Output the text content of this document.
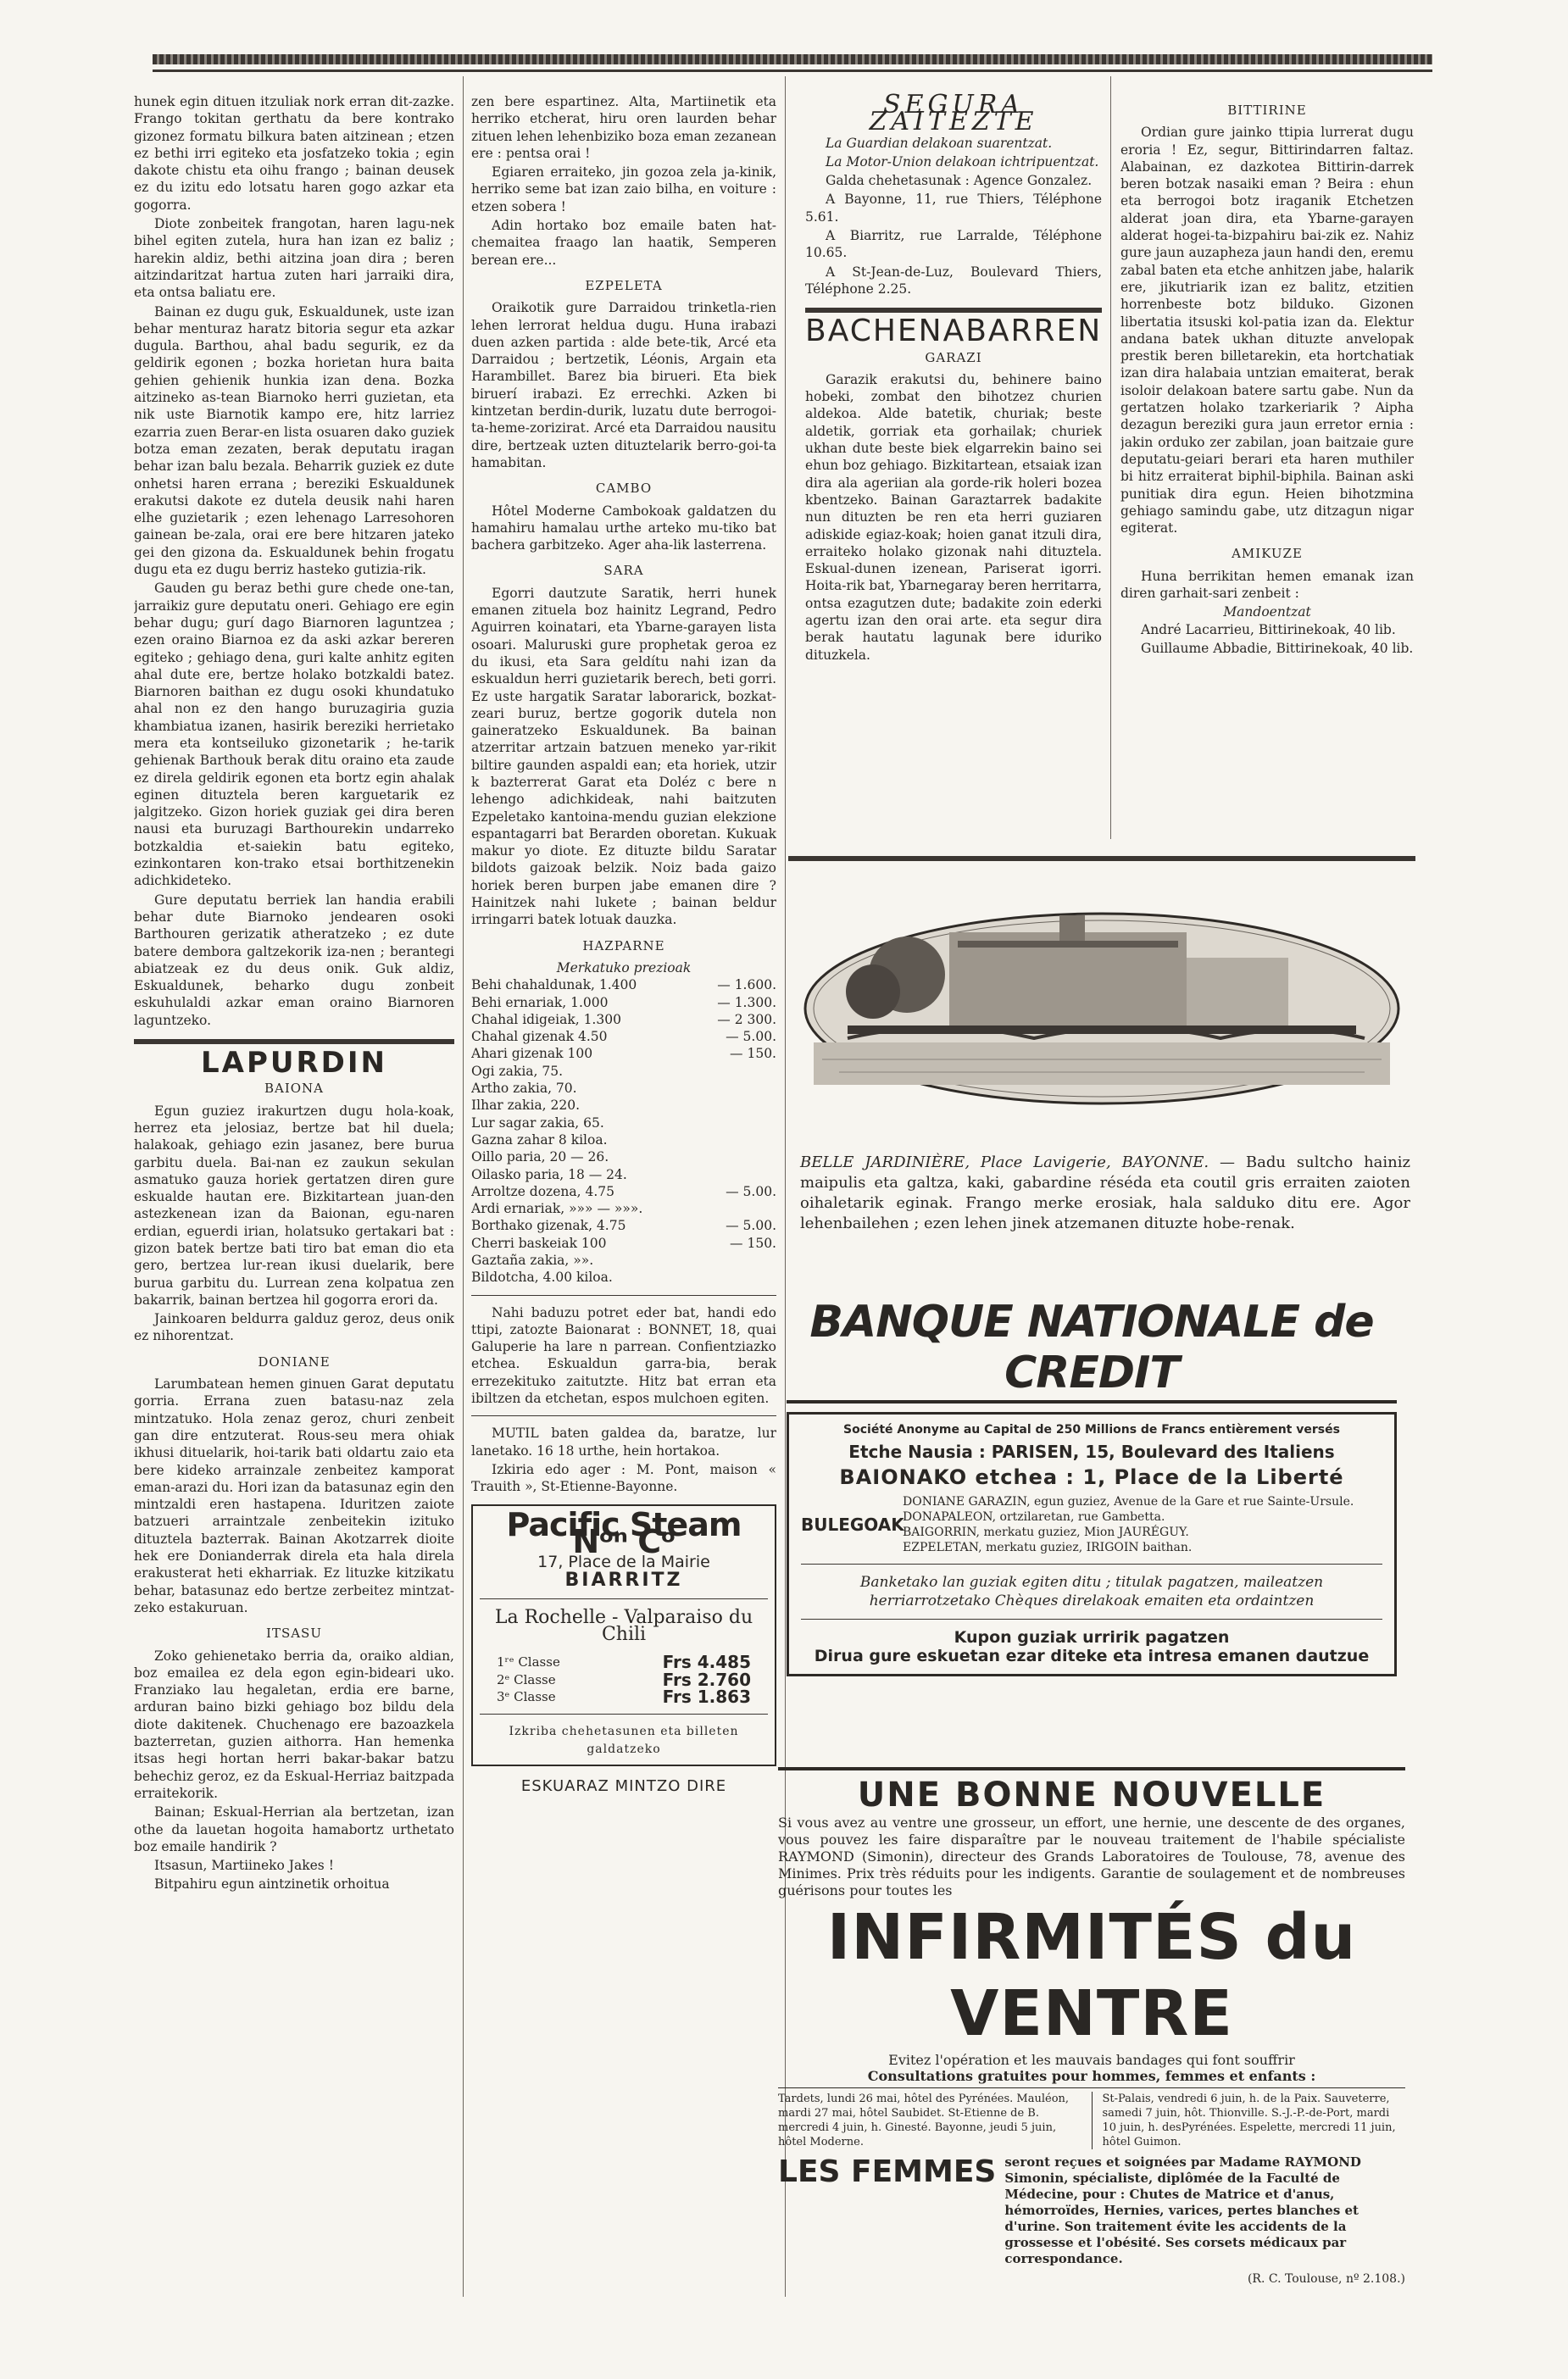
hunek egin dituen itzuliak nork erran dit-zazke. Frango tokitan gerthatu da bere kontrako gizonez formatu bilkura baten aitzinean ; etzen ez bethi irri egiteko eta josfatzeko tokia ; egin dakote chistu eta oihu frango ; bainan deusek ez du izitu edo lotsatu haren gogo azkar eta gogorra.

Diote zonbeitek frangotan, haren lagu-nek bihel egiten zutela, hura han izan ez baliz ; harekin aldiz, bethi aitzina joan dira ; beren aitzindaritzat hartua zuten hari jarraiki dira, eta ontsa baliatu ere.

Bainan ez dugu guk, Eskualdunek, uste izan behar menturaz haratz bitoria segur eta azkar dugula. Barthou, ahal badu segurik, ez da geldirik egonen ; bozka horietan hura baita gehien gehienik hunkia izan dena. Bozka aitzineko as-tean Biarnoko herri guzietan, eta nik uste Biarnotik kampo ere, hitz larriez ezarria zuen Berar-en lista osuaren dako guziek botza eman zezaten, berak deputatu iragan behar izan balu bezala. Beharrik guziek ez dute onhetsi haren errana ; bereziki Eskualdunek erakutsi dakote ez dutela deusik nahi haren elhe guzietarik ; ezen lehenago Larresohoren gainean be-zala, orai ere bere hitzaren jateko gei den gizona da. Eskualdunek behin frogatu dugu eta ez dugu berriz hasteko gutizia-rik.

Gauden gu beraz bethi gure chede one-tan, jarraikiz gure deputatu oneri. Gehiago ere egin behar dugu; gurí dago Biarnoren laguntzea ; ezen oraino Biarnoa ez da aski azkar bereren egiteko ; gehiago dena, guri kalte anhitz egiten ahal dute ere, bertze holako botzkaldi batez. Biarnoren baithan ez dugu osoki khundatuko ahal non ez den hango buruzagiria guzia khambiatua izanen, hasirik bereziki herrietako mera eta kontseiluko gizonetarik ; he-tarik gehienak Barthouk berak ditu oraino eta zaude ez direla geldirik egonen eta bortz egin ahalak eginen dituztela beren karguetarik ez jalgitzeko. Gizon horiek guziak gei dira beren nausi eta buruzagi Barthourekin undarreko botzkaldia et-saiekin batu egiteko, ezinkontaren kon-trako etsai borthitzenekin adichkideteko.

Gure deputatu berriek lan handia erabili behar dute Biarnoko jendearen osoki Barthouren gerizatik atheratzeko ; ez dute batere dembora galtzekorik iza-nen ; berantegi abiatzeak ez du deus onik. Guk aldiz, Eskualdunek, beharko dugu zonbeit eskuhulaldi azkar eman oraino Biarnoren laguntzeko.

LAPURDIN
BAIONA

Egun guziez irakurtzen dugu hola-koak, herrez eta jelosiaz, bertze bat hil duela; halakoak, gehiago ezin jasanez, bere burua garbitu duela. Bai-nan ez zaukun sekulan asmatuko gauza horiek gertatzen diren gure eskualde hautan ere. Bizkitartean juan-den astezkenean izan da Baionan, egu-naren erdian, eguerdi irian, holatsuko gertakari bat : gizon batek bertze bati tiro bat eman dio eta gero, bertzea lur-rean ikusi duelarik, bere burua garbitu du. Lurrean zena kolpatua zen bakarrik, bainan bertzea hil gogorra erori da.

Jainkoaren beldurra galduz geroz, deus onik ez nihorentzat.

DONIANE

Larumbatean hemen ginuen Garat deputatu gorria. Errana zuen batasu-naz zela mintzatuko. Hola zenaz geroz, churi zenbeit gan dire entzuterat. Rous-seu mera ohiak ikhusi dituelarik, hoi-tarik bati oldartu zaio eta bere kideko arrainzale zenbeitez kamporat eman-arazi du. Hori izan da batasunaz egin den mintzaldi eren hastapena. Iduritzen zaiote batzueri arraintzale zenbeitekin izituko dituztela bazterrak. Bainan Akotzarrek dioite hek ere Donianderrak direla eta hala direla erakusterat heti ekharriak. Ez lituzke kitzikatu behar, batasunaz edo bertze zerbeitez mintzat-zeko estakuruan.

ITSASU

Zoko gehienetako berria da, oraiko aldian, boz emailea ez dela egon egin-bideari uko. Franziako lau hegaletan, erdia ere barne, arduran baino bizki gehiago boz bildu dela diote dakitenek. Chuchenago ere bazoazkela bazterretan, guzien aithorra. Han hemenka itsas hegi hortan herri bakar-bakar batzu behechiz geroz, ez da Eskual-Herriaz baitzpada erraitekorik.

Bainan; Eskual-Herrian ala bertzetan, izan othe da lauetan hogoita hamabortz urthetato boz emaile handirik ?

Itsasun, Martiineko Jakes !

Bitpahiru egun aintzinetik orhoitua

zen bere espartinez. Alta, Martiinetik eta herriko etcherat, hiru oren laurden behar zituen lehen lehenbiziko boza eman zezanean ere : pentsa orai !

Egiaren erraiteko, jin gozoa zela ja-kinik, herriko seme bat izan zaio bilha, en voiture : etzen sobera !

Adin hortako boz emaile baten hat-chemaitea fraago lan haatik, Semperen berean ere...

EZPELETA

Oraikotik gure Darraidou trinketla-rien lehen lerrorat heldua dugu. Huna irabazi duen azken partida : alde bete-tik, Arcé eta Darraidou ; bertzetik, Léonis, Argain eta Harambillet. Barez bia birueri. Eta biek biruerí irabazi. Ez errechki. Azken bi kintzetan berdin-durik, luzatu dute berrogoi-ta-heme-zorizirat. Arcé eta Darraidou nausitu dire, bertzeak uzten dituztelarik berro-goi-ta hamabitan.

CAMBO

Hôtel Moderne Cambokoak galdatzen du hamahiru hamalau urthe arteko mu-tiko bat bachera garbitzeko. Ager aha-lik lasterrena.

SARA

Egorri dautzute Saratik, herri hunek emanen zituela boz hainitz Legrand, Pedro Aguirren koinatari, eta Ybarne-garayen lista osoari. Maluruski gure prophetak geroa ez du ikusi, eta Sara geldítu nahi izan da eskualdun herri guzietarik berech, beti gorri. Ez uste hargatik Saratar laborarick, bozkat-zeari buruz, bertze gogorik dutela non gaineratzeko Eskualdunek. Ba bainan atzerritar artzain batzuen meneko yar-rikit biltire gaunden aspaldi ean; eta horiek, utzir k bazterrerat Garat eta Doléz c bere n lehengo adichkideak, nahi baitzuten Ezpeletako kantoina-mendu guzian elekzione espantagarri bat Berarden oboretan. Kukuak makur yo diote. Ez dituzte bildu Saratar bildots gaizoak belzik. Noiz bada gaizo horiek beren burpen jabe emanen dire ? Hainitzek nahi lukete ; bainan beldur irringarri batek lotuak dauzka.

HAZPARNE
Merkatuko prezioak
Behi chahaldunak, 1.400	— 1.600.
Behi ernariak, 1.000	— 1.300.
Chahal idigeiak, 1.300	— 2 300.
Chahal gizenak 4.50	— 5.00.
Ahari gizenak 100	— 150.
Ogi zakia, 75.
Artho zakia, 70.
Ilhar zakia, 220.
Lur sagar zakia, 65.
Gazna zahar 8 kiloa.
Oillo paria, 20 — 26.
Oilasko paria, 18 — 24.
Arroltze dozena, 4.75	— 5.00.
Ardi ernariak, »»» — »»».
Borthako gizenak, 4.75	— 5.00.
Cherri baskeiak 100	— 150.
Gaztaña zakia, »».
Bildotcha, 4.00 kiloa.

Nahi baduzu potret eder bat, handi edo ttipi, zatozte Baionarat : BONNET, 18, quai Galuperie ha lare n parrean. Confientziazko etchea. Eskualdun garra-bia, berak errezekituko zaitutzte. Hitz bat erran eta ibiltzen da etchetan, espos mulchoen egiten.

MUTIL baten galdea da, baratze, lur lanetako. 16 18 urthe, hein hortakoa.

Izkiria edo ager : M. Pont, maison « Trauith », St-Etienne-Bayonne.

Pacific Steam Nᵒⁿ Cᵒ
17, Place de la Mairie
BIARRITZ
La Rochelle - Valparaiso du Chili
1ʳᵉ Classe	Frs 4.485
2ᵉ Classe	Frs 2.760
3ᵉ Classe	Frs 1.863
Izkriba chehetasunen eta billeten galdatzeko
ESKUARAZ MINTZO DIRE
SEGURA ZAITEZTE

La Guardian delakoan suarentzat.

La Motor-Union delakoan ichtripuentzat.

Galda chehetasunak : Agence Gonzalez.

A Bayonne, 11, rue Thiers, Téléphone 5.61.

A Biarritz, rue Larralde, Téléphone 10.65.

A St-Jean-de-Luz, Boulevard Thiers, Téléphone 2.25.

BACHENABARREN
GARAZI

Garazik erakutsi du, behinere baino hobeki, zombat den bihotzez churien aldekoa. Alde batetik, churiak; beste aldetik, gorriak eta gorhailak; churiek ukhan dute beste biek elgarrekin baino sei ehun boz gehiago. Bizkitartean, etsaiak izan dira ala ageriian ala gorde-rik holeri bozea kbentzeko. Bainan Garaztarrek badakite nun dituzten be ren eta herri guziaren adiskide egiaz-koak; hoien ganat itzuli dira, erraiteko holako gizonak nahi dituztela. Eskual-dunen izenean, Pariserat igorri. Hoita-rik bat, Ybarnegaray beren herritarra, ontsa ezagutzen dute; badakite zoin ederki agertu izan den orai arte. eta segur dira berak hautatu lagunak bere iduriko dituzkela.

BITTIRINE

Ordian gure jainko ttipia lurrerat dugu eroria ! Ez, segur, Bittirindarren faltaz. Alabainan, ez dazkotea Bittirin-darrek beren botzak nasaiki eman ? Beira : ehun eta berrogoi botz iraganik Etchetzen alderat joan dira, eta Ybarne-garayen alderat hogei-ta-bizpahiru bai-zik ez. Nahiz gure jaun auzapheza jaun handi den, eremu zabal baten eta etche anhitzen jabe, halarik ere, jikutriarik izan ez balitz, etzitien horrenbeste botz bilduko. Gizonen libertatia itsuski kol-patia izan da. Elektur andana batek ukhan dituzte anvelopak prestik beren billetarekin, eta hortchatiak izan dira halabaia untzian emaiterat, berak isoloir delakoan batere sartu gabe. Nun da gertatzen holako tzarkeriarik ? Aipha dezagun bereziki gura jaun erretor ernia : jakin orduko zer zabilan, joan baitzaie gure deputatu-geiari berari eta haren muthiler bi hitz erraiterat biphil-biphila. Bainan aski punitiak dira egun. Heien bihotzmina gehiago samindu gabe, utz ditzagun nigar egiterat.

AMIKUZE

Huna berrikitan hemen emanak izan diren garhait-sari zenbeit :

Mandoentzat

André Lacarrieu, Bittirinekoak, 40 lib.

Guillaume Abbadie, Bittirinekoak, 40 lib.

BELLE JARDINIÈRE, Place Lavigerie, BAYONNE. — Badu sultcho hainiz maipulis eta galtza, kaki, gabardine réséda eta coutil gris erraiten zaioten oihaletarik eginak. Frango merke erosiak, hala salduko ditu ere. Agor lehenbailehen ; ezen lehen jinek atzemanen dituzte hobe-renak.
BANQUE NATIONALE de CREDIT
Société Anonyme au Capital de 250 Millions de Francs entièrement versés
Etche Nausia : PARISEN, 15, Boulevard des Italiens
BAIONAKO etchea : 1, Place de la Liberté
BULEGOAK
DONIANE GARAZIN, egun guziez, Avenue de la Gare et rue Sainte-Ursule.
DONAPALEON, ortzilaretan, rue Gambetta.
BAIGORRIN, merkatu guziez, Mion JAURÉGUY.
EZPELETAN, merkatu guziez, IRIGOIN baithan.
Banketako lan guziak egiten ditu ; titulak pagatzen, maileatzen herriarrotzetako Chèques direlakoak emaiten eta ordaintzen
Kupon guziak urririk pagatzen
Dirua gure eskuetan ezar diteke eta intresa emanen dautzue
UNE BONNE NOUVELLE
Si vous avez au ventre une grosseur, un effort, une hernie, une descente de des organes, vous pouvez les faire disparaître par le nouveau traitement de l'habile spécialiste RAYMOND (Simonin), directeur des Grands Laboratoires de Toulouse, 78, avenue des Minimes. Prix très réduits pour les indigents. Garantie de soulagement et de nombreuses guérisons pour toutes les
INFIRMITÉS du VENTRE
Evitez l'opération et les mauvais bandages qui font souffrir
Consultations gratuites pour hommes, femmes et enfants :
Tardets, lundi 26 mai, hôtel des Pyrénées. Mauléon, mardi 27 mai, hôtel Saubidet. St-Etienne de B. mercredi 4 juin, h. Ginesté. Bayonne, jeudi 5 juin, hôtel Moderne.
St-Palais, vendredi 6 juin, h. de la Paix. Sauveterre, samedi 7 juin, hôt. Thionville. S.-J.-P.-de-Port, mardi 10 juin, h. desPyrénées. Espelette, mercredi 11 juin, hôtel Guimon.
LES FEMMES seront reçues et soignées par Madame RAYMOND Simonin, spécialiste, diplômée de la Faculté de Médecine, pour : Chutes de Matrice et d'anus, hémorroïdes, Hernies, varices, pertes blanches et d'urine. Son traitement évite les accidents de la grossesse et l'obésité. Ses corsets médicaux par correspondance.
(R. C. Toulouse, nº 2.108.)
